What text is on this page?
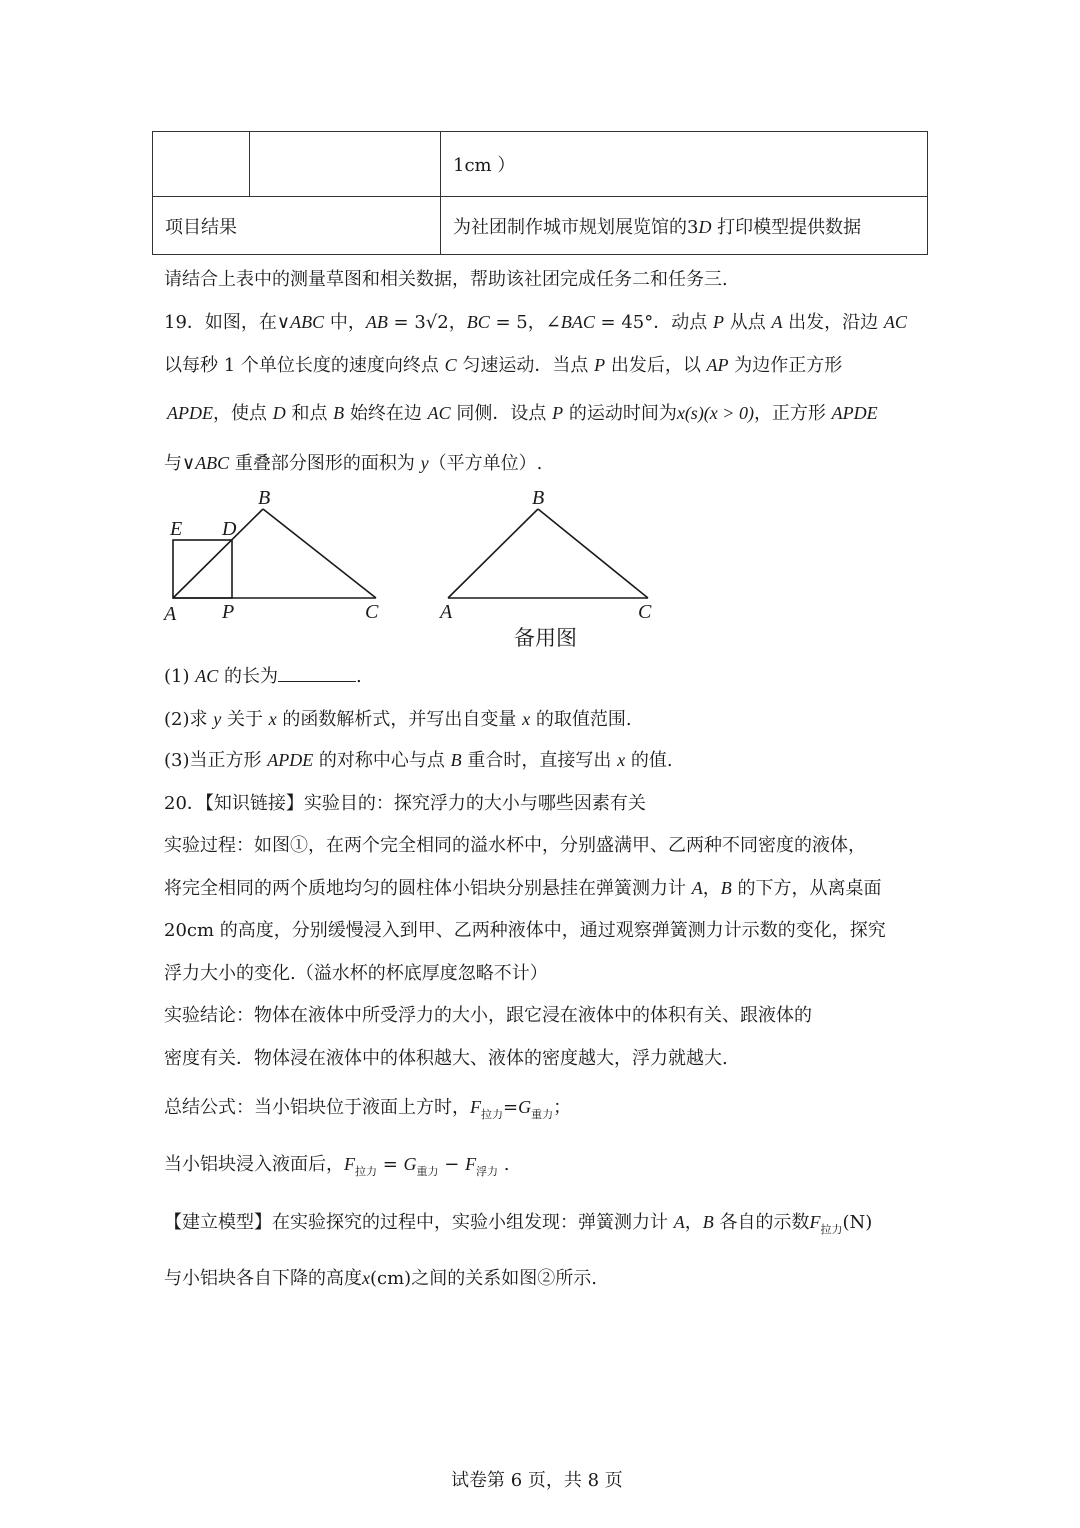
		1cm ）
项目结果		为社团制作城市规划展览馆的3D 打印模型提供数据
请结合上表中的测量草图和相关数据，帮助该社团完成任务二和任务三.
19．如图，在∨ABC 中，AB = 3√2，BC = 5，∠BAC = 45°．动点 P 从点 A 出发，沿边 AC
以每秒 1 个单位长度的速度向终点 C 匀速运动．当点 P 出发后，以 AP 为边作正方形
APDE，使点 D 和点 B 始终在边 AC 同侧．设点 P 的运动时间为x(s)(x > 0)，正方形 APDE
与∨ABC 重叠部分图形的面积为 y（平方单位）.
B
E D
A P	C
B
A	C
备用图
(1) AC 的长为	.
(2)求 y 关于 x 的函数解析式，并写出自变量 x 的取值范围.
(3)当正方形 APDE 的对称中心与点 B 重合时，直接写出 x 的值.
20．【知识链接】实验目的：探究浮力的大小与哪些因素有关
实验过程：如图①，在两个完全相同的溢水杯中，分别盛满甲、乙两种不同密度的液体，
将完全相同的两个质地均匀的圆柱体小铝块分别悬挂在弹簧测力计 A，B 的下方，从离桌面
20cm 的高度，分别缓慢浸入到甲、乙两种液体中，通过观察弹簧测力计示数的变化，探究
浮力大小的变化.（溢水杯的杯底厚度忽略不计）
实验结论：物体在液体中所受浮力的大小，跟它浸在液体中的体积有关、跟液体的
密度有关．物体浸在液体中的体积越大、液体的密度越大，浮力就越大.
总结公式：当小铝块位于液面上方时，$F_{拉力}=G_{重力}$；
当小铝块浸入液面后，$F_{拉力} = G_{重力} - F_{浮力}$ .
【建立模型】在实验探究的过程中，实验小组发现：弹簧测力计 A，B 各自的示数$F_{拉力}(N)$
与小铝块各自下降的高度x(cm)之间的关系如图②所示.
试卷第 6 页，共 8 页
